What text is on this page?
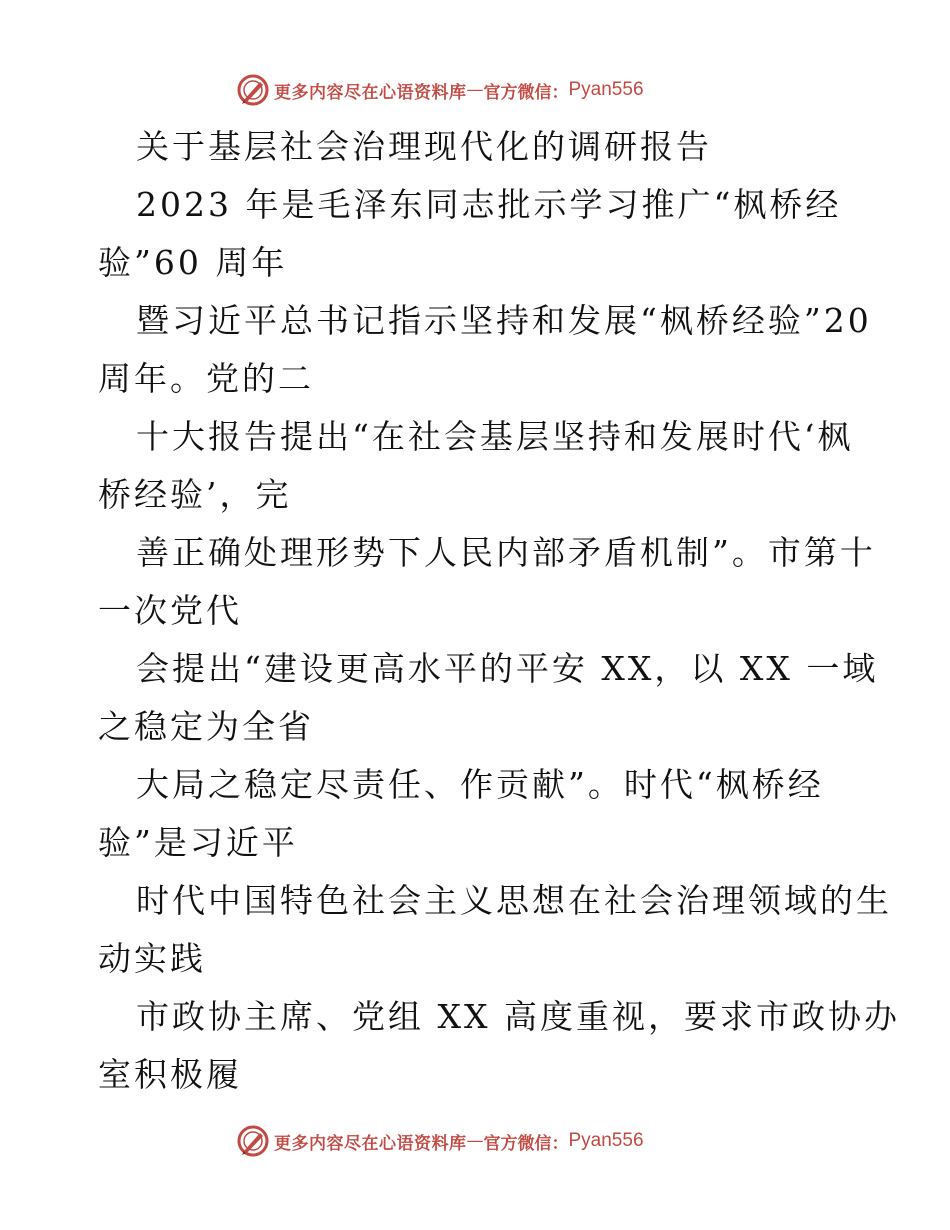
更多内容尽在心语资料库 — 官方微信： Pyan556
关于基层社会治理现代化的调研报告
2023 年是毛泽东同志批示学习推广“枫桥经
验”60 周年
暨习近平总书记指示坚持和发展“枫桥经验”20
周年。党的二
十大报告提出“在社会基层坚持和发展时代‘枫
桥经验’，完
善正确处理形势下人民内部矛盾机制”。市第十
一次党代
会提出“建设更高水平的平安 XX，以 XX 一域
之稳定为全省
大局之稳定尽责任、作贡献”。时代“枫桥经
验”是习近平
时代中国特色社会主义思想在社会治理领域的生
动实践
市政协主席、党组 XX 高度重视，要求市政协办
室积极履
更多内容尽在心语资料库 — 官方微信： Pyan556
